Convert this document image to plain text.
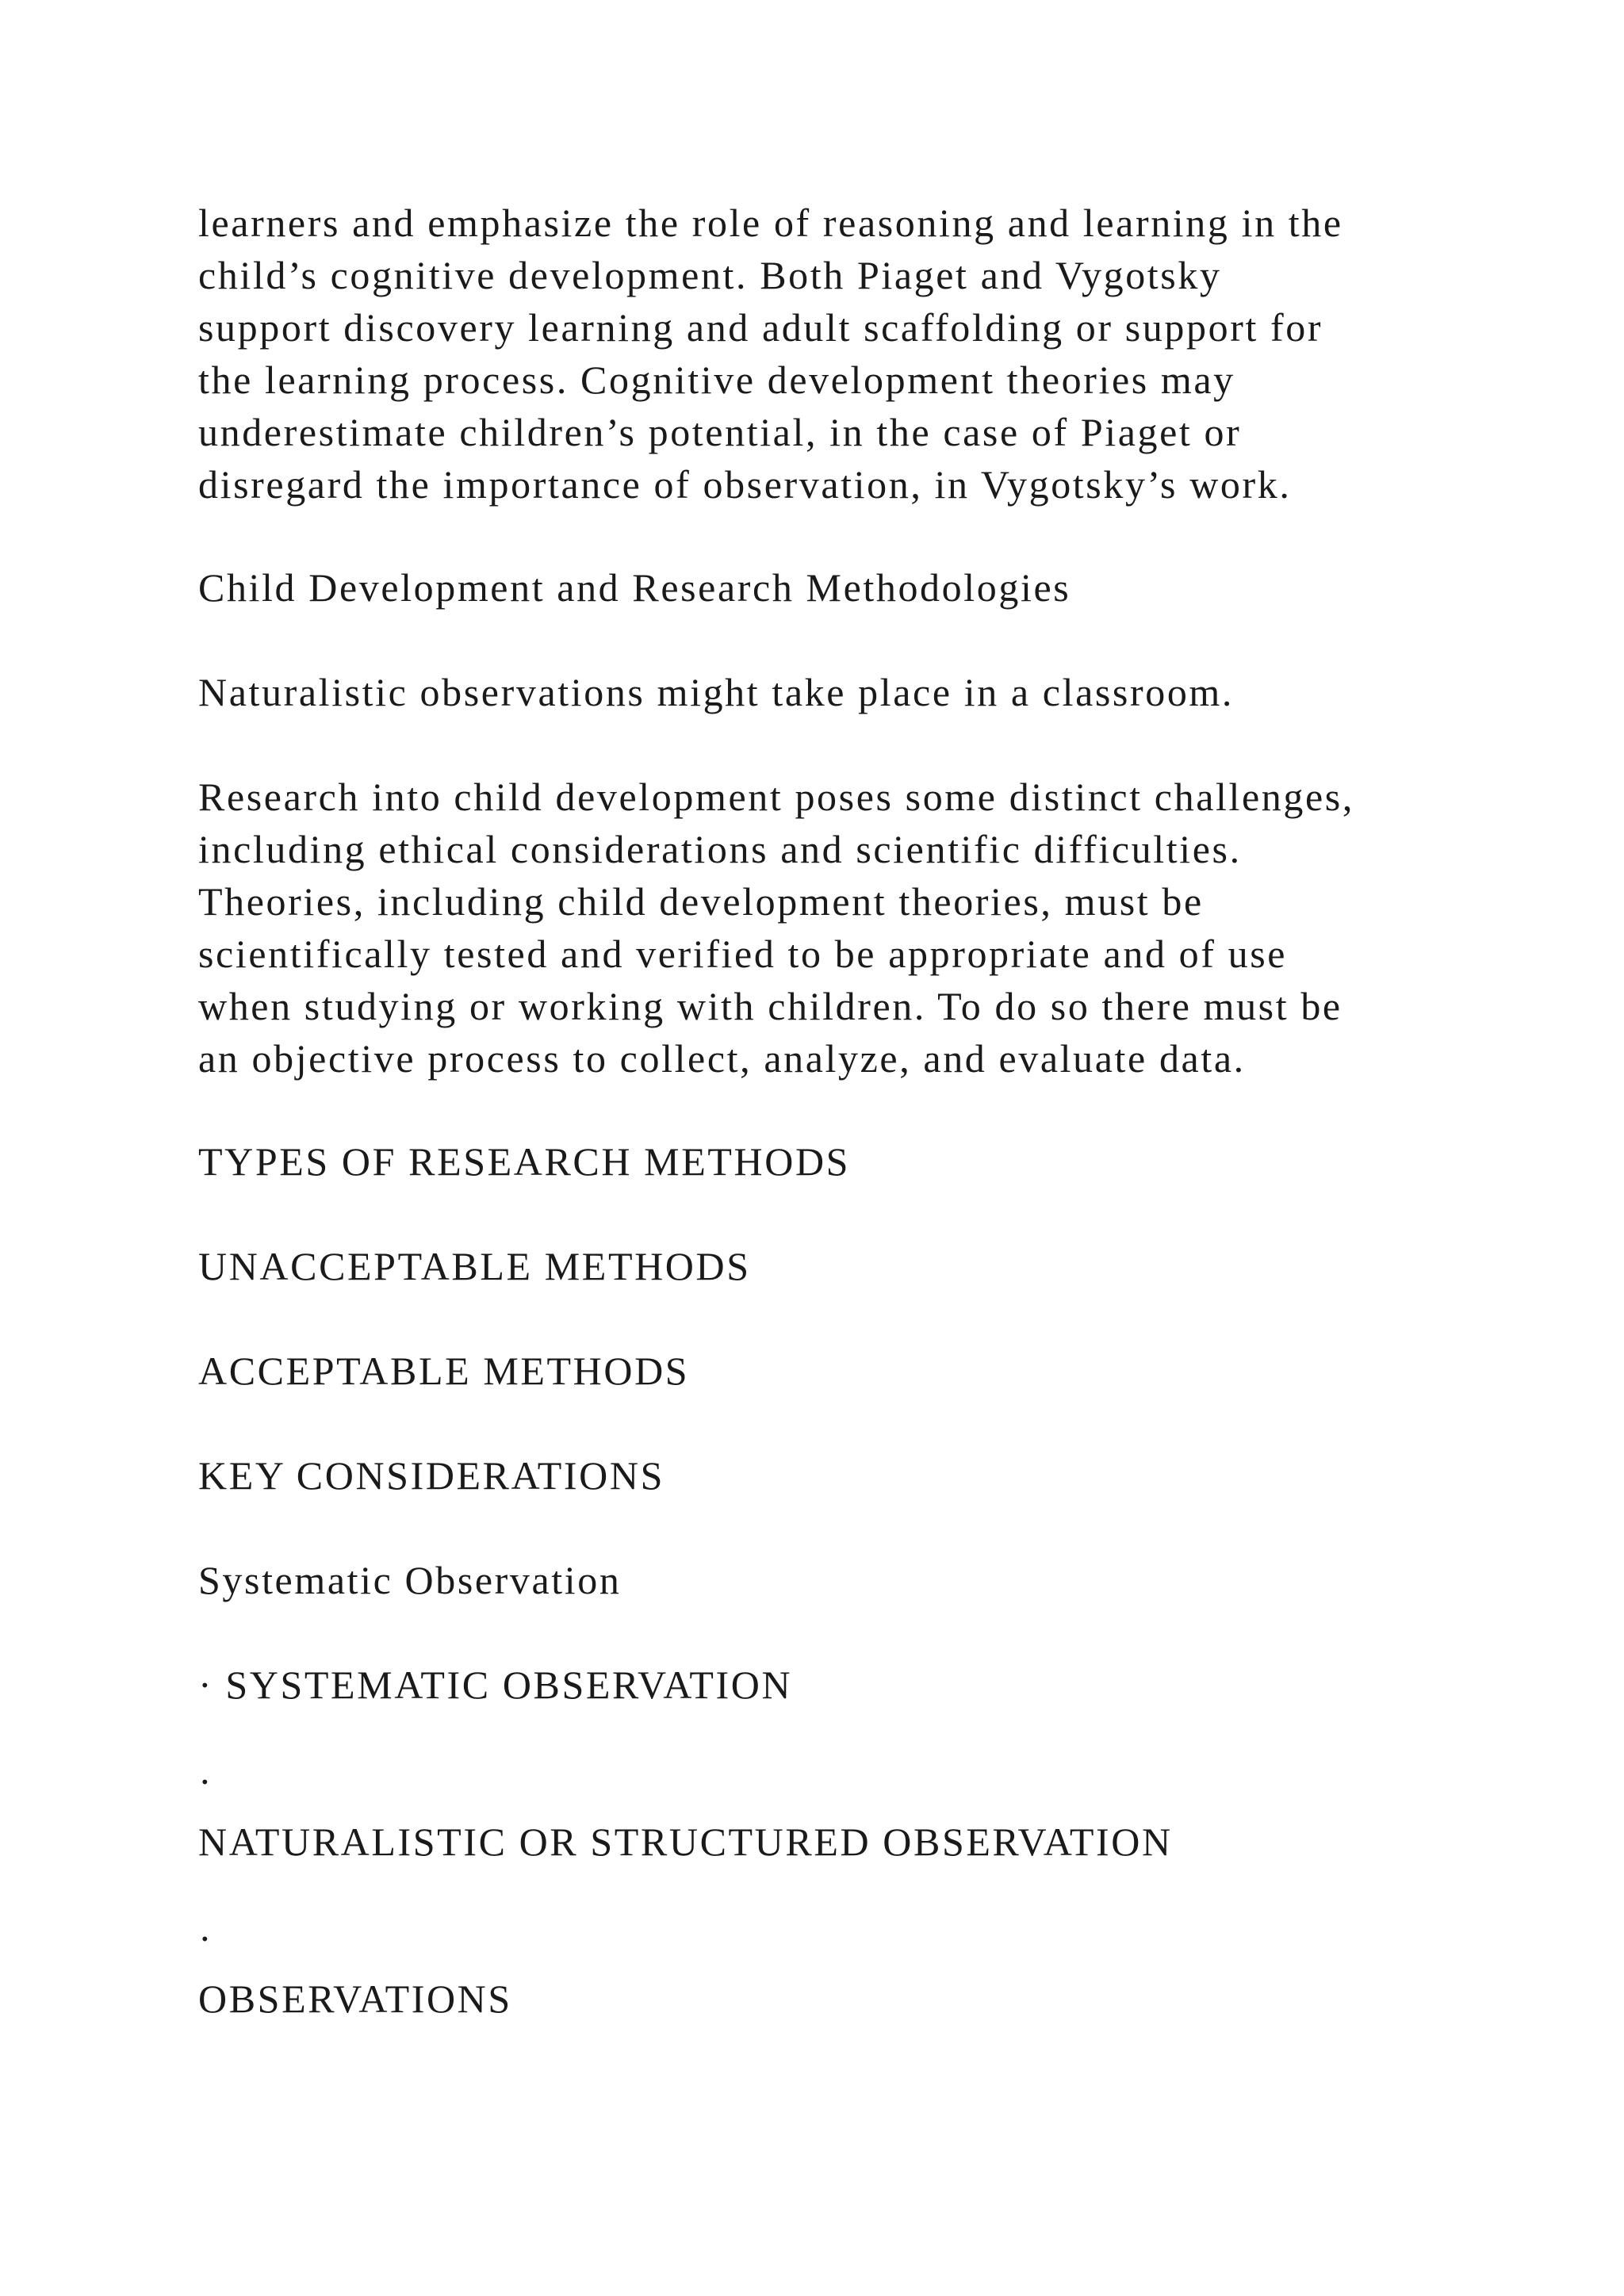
learners and emphasize the role of reasoning and learning in the
child’s cognitive development. Both Piaget and Vygotsky
support discovery learning and adult scaffolding or support for
the learning process. Cognitive development theories may
underestimate children’s potential, in the case of Piaget or
disregard the importance of observation, in Vygotsky’s work.

Child Development and Research Methodologies

Naturalistic observations might take place in a classroom.

Research into child development poses some distinct challenges,
including ethical considerations and scientific difficulties.
Theories, including child development theories, must be
scientifically tested and verified to be appropriate and of use
when studying or working with children. To do so there must be
an objective process to collect, analyze, and evaluate data.

TYPES OF RESEARCH METHODS

UNACCEPTABLE METHODS

ACCEPTABLE METHODS

KEY CONSIDERATIONS

Systematic Observation

· SYSTEMATIC OBSERVATION

·

NATURALISTIC OR STRUCTURED OBSERVATION

·

OBSERVATIONS
